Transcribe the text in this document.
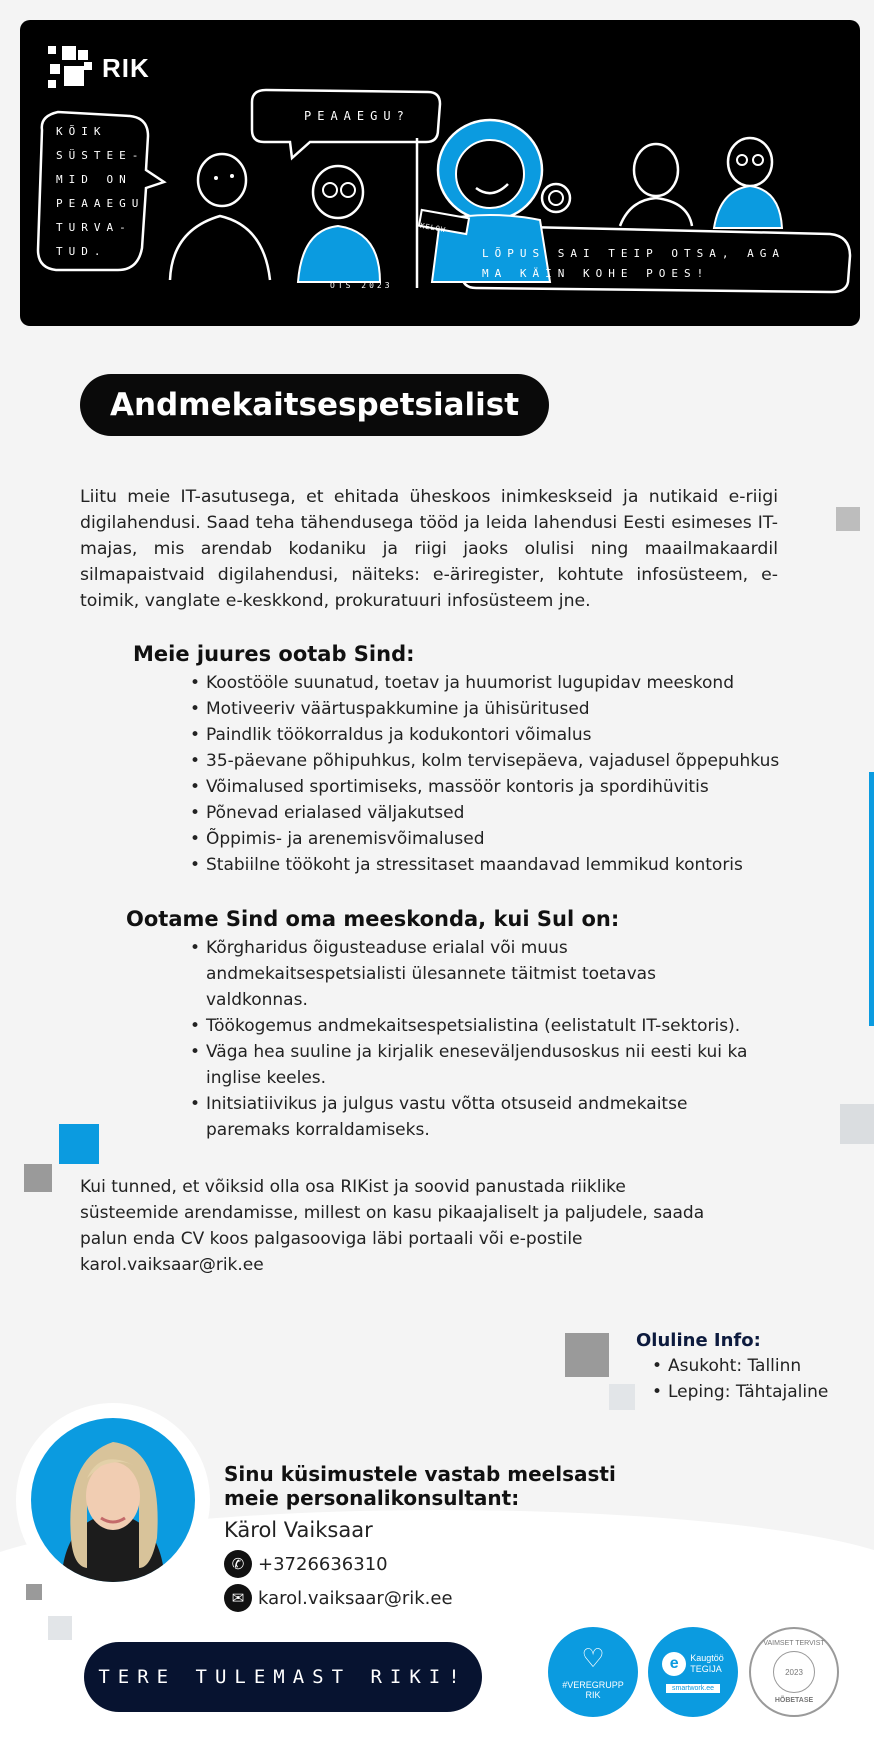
RIK
KÕIK
SÜSTEE-
MID ON
PEAAEGU
TURVA-
TUD.
PEAAEGU?
OTS 2023
KELOW
LÕPUS SAI TEIP OTSA, AGA
MA KÄIN KOHE POES!
Andmekaitsespetsialist

Liitu meie IT-asutusega, et ehitada üheskoos inimkeskseid ja nutikaid e-riigi digilahendusi. Saad teha tähendusega tööd ja leida lahendusi Eesti esimeses IT-majas, mis arendab kodaniku ja riigi jaoks olulisi ning maailmakaardil silmapaistvaid digilahendusi, näiteks: e-äriregister, kohtute infosüsteem, e-toimik, vanglate e-keskkond, prokuratuuri infosüsteem jne.

Meie juures ootab Sind:
• Koostööle suunatud, toetav ja huumorist lugupidav meeskond
• Motiveeriv väärtuspakkumine ja ühisüritused
• Paindlik töökorraldus ja kodukontori võimalus
• 35-päevane põhipuhkus, kolm tervisepäeva, vajadusel õppepuhkus
• Võimalused sportimiseks, massöör kontoris ja spordihüvitis
• Põnevad erialased väljakutsed
• Õppimis- ja arenemisvõimalused
• Stabiilne töökoht ja stressitaset maandavad lemmikud kontoris
Ootame Sind oma meeskonda, kui Sul on:
• Kõrgharidus õigusteaduse erialal või muus andmekaitsespetsialisti ülesannete täitmist toetavas valdkonnas.
• Töökogemus andmekaitsespetsialistina (eelistatult IT-sektoris).
• Väga hea suuline ja kirjalik eneseväljendusoskus nii eesti kui ka inglise keeles.
• Initsiatiivikus ja julgus vastu võtta otsuseid andmekaitse paremaks korraldamiseks.

Kui tunned, et võiksid olla osa RIKist ja soovid panustada riiklike süsteemide arendamisse, millest on kasu pikaajaliselt ja paljudele, saada palun enda CV koos palgasooviga läbi portaali või e-postile karol.vaiksaar@rik.ee

Oluline Info:
• Asukoht: Tallinn
• Leping: Tähtajaline
Sinu küsimustele vastab meelsasti
meie personalikonsultant:
Kärol Vaiksaar
✆ +3726636310
✉ karol.vaiksaar@rik.ee
TERE TULEMAST RIKI!
♡
#VEREGRUPP
RIK
e	Kaugtöö
TEGIJA
smartwork.ee
VAIMSET TERVIST
2023
HÕBETASE
